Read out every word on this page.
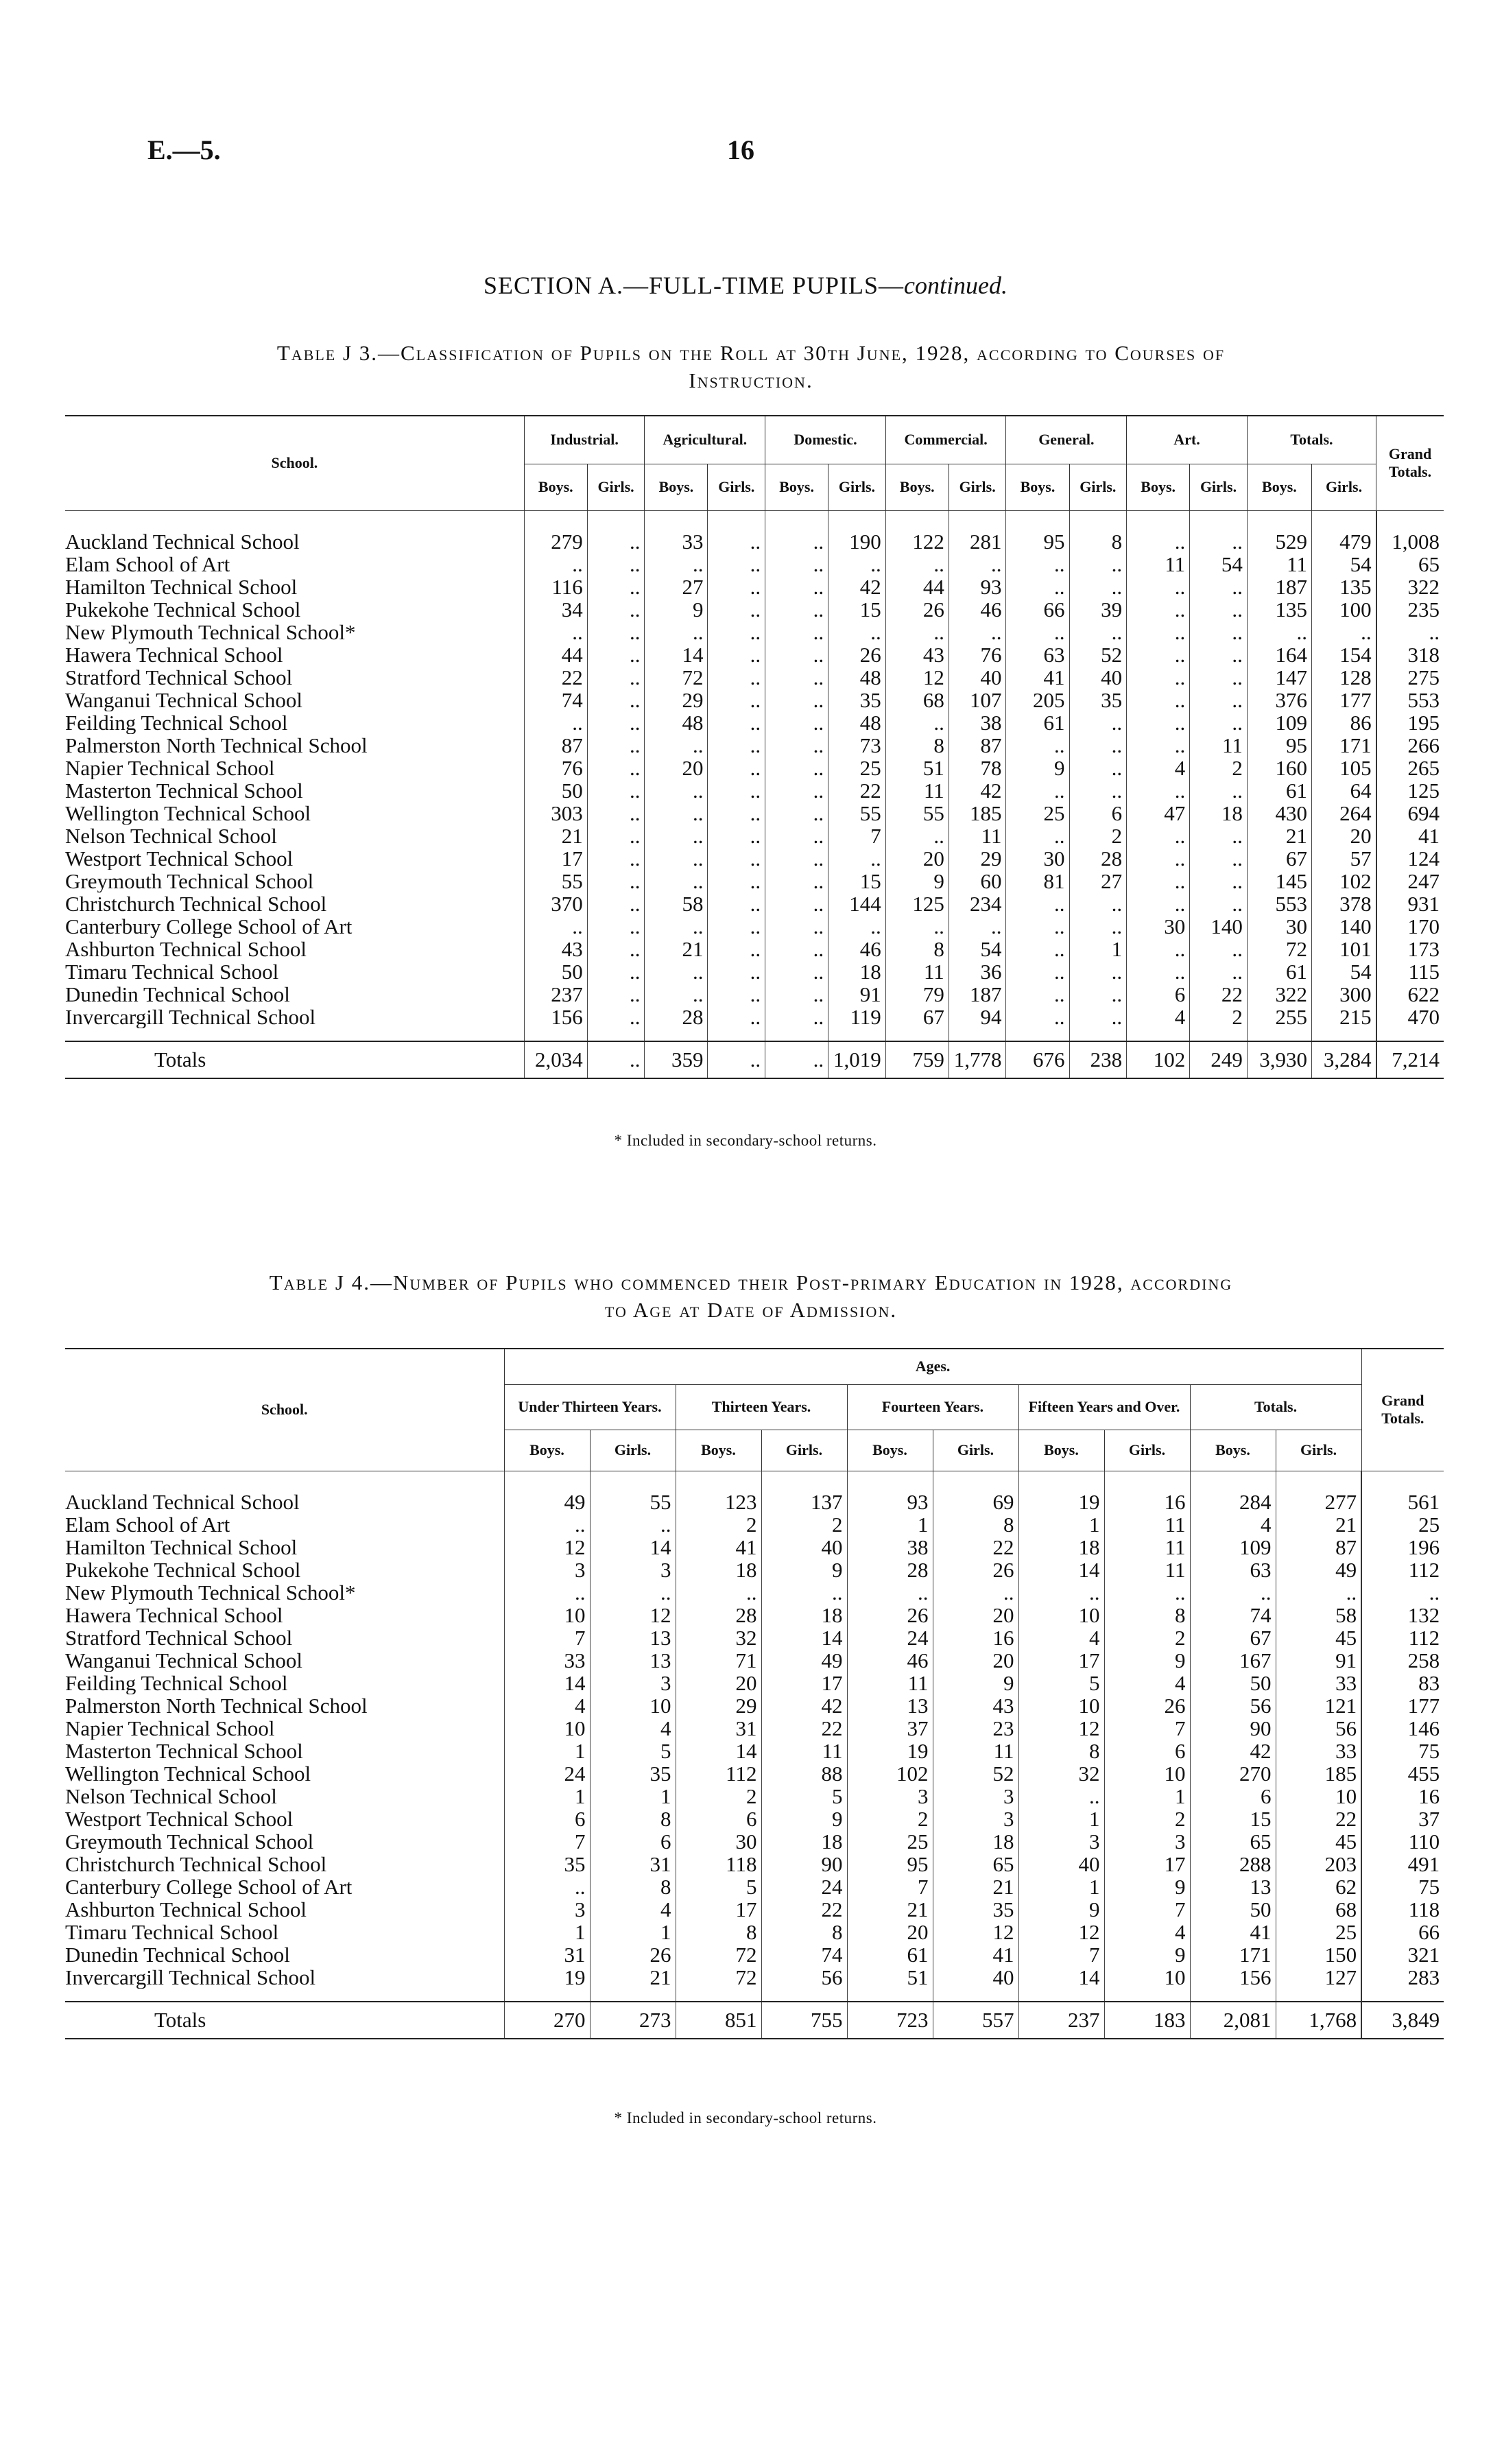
E.—5.	16
SECTION A.—FULL-TIME PUPILS—continued.
Table J 3.—Classification of Pupils on the Roll at 30th June, 1928, according to Courses of
Instruction.
School.	Industrial.		Agricultural.		Domestic.		Commercial.		General.		Art.		Totals.		Grand Totals.
	Boys.	Girls.	Boys.	Girls.	Boys.	Girls.	Boys.	Girls.	Boys.	Girls.	Boys.	Girls.	Boys.	Girls.	

Auckland Technical School	279	..	33	..	..	190	122	281	95	8	..	..	529	479	1,008
Elam School of Art	..	..	..	..	..	..	..	..	..	..	11	54	11	54	65
Hamilton Technical School	116	..	27	..	..	42	44	93	..	..	..	..	187	135	322
Pukekohe Technical School	34	..	9	..	..	15	26	46	66	39	..	..	135	100	235
New Plymouth Technical School*	..	..	..	..	..	..	..	..	..	..	..	..	..	..	..
Hawera Technical School	44	..	14	..	..	26	43	76	63	52	..	..	164	154	318
Stratford Technical School	22	..	72	..	..	48	12	40	41	40	..	..	147	128	275
Wanganui Technical School	74	..	29	..	..	35	68	107	205	35	..	..	376	177	553
Feilding Technical School	..	..	48	..	..	48	..	38	61	..	..	..	109	86	195
Palmerston North Technical School	87	..	..	..	..	73	8	87	..	..	..	11	95	171	266
Napier Technical School	76	..	20	..	..	25	51	78	9	..	4	2	160	105	265
Masterton Technical School	50	..	..	..	..	22	11	42	..	..	..	..	61	64	125
Wellington Technical School	303	..	..	..	..	55	55	185	25	6	47	18	430	264	694
Nelson Technical School	21	..	..	..	..	7	..	11	..	2	..	..	21	20	41
Westport Technical School	17	..	..	..	..	..	20	29	30	28	..	..	67	57	124
Greymouth Technical School	55	..	..	..	..	15	9	60	81	27	..	..	145	102	247
Christchurch Technical School	370	..	58	..	..	144	125	234	..	..	..	..	553	378	931
Canterbury College School of Art	..	..	..	..	..	..	..	..	..	..	30	140	30	140	170
Ashburton Technical School	43	..	21	..	..	46	8	54	..	1	..	..	72	101	173
Timaru Technical School	50	..	..	..	..	18	11	36	..	..	..	..	61	54	115
Dunedin Technical School	237	..	..	..	..	91	79	187	..	..	6	22	322	300	622
Invercargill Technical School	156	..	28	..	..	119	67	94	..	..	4	2	255	215	470

Totals	2,034	..	359	..	..	1,019	759	1,778	676	238	102	249	3,930	3,284	7,214
* Included in secondary-school returns.
Table J 4.—Number of Pupils who commenced their Post-primary Education in 1928, according
to Age at Date of Admission.
School.	Ages.										Grand Totals.
	Under Thirteen Years.		Thirteen Years.		Fourteen Years.		Fifteen Years and Over.		Totals.		
	Boys.	Girls.	Boys.	Girls.	Boys.	Girls.	Boys.	Girls.	Boys.	Girls.	

Auckland Technical School	49	55	123	137	93	69	19	16	284	277	561
Elam School of Art	..	..	2	2	1	8	1	11	4	21	25
Hamilton Technical School	12	14	41	40	38	22	18	11	109	87	196
Pukekohe Technical School	3	3	18	9	28	26	14	11	63	49	112
New Plymouth Technical School*	..	..	..	..	..	..	..	..	..	..	..
Hawera Technical School	10	12	28	18	26	20	10	8	74	58	132
Stratford Technical School	7	13	32	14	24	16	4	2	67	45	112
Wanganui Technical School	33	13	71	49	46	20	17	9	167	91	258
Feilding Technical School	14	3	20	17	11	9	5	4	50	33	83
Palmerston North Technical School	4	10	29	42	13	43	10	26	56	121	177
Napier Technical School	10	4	31	22	37	23	12	7	90	56	146
Masterton Technical School	1	5	14	11	19	11	8	6	42	33	75
Wellington Technical School	24	35	112	88	102	52	32	10	270	185	455
Nelson Technical School	1	1	2	5	3	3	..	1	6	10	16
Westport Technical School	6	8	6	9	2	3	1	2	15	22	37
Greymouth Technical School	7	6	30	18	25	18	3	3	65	45	110
Christchurch Technical School	35	31	118	90	95	65	40	17	288	203	491
Canterbury College School of Art	..	8	5	24	7	21	1	9	13	62	75
Ashburton Technical School	3	4	17	22	21	35	9	7	50	68	118
Timaru Technical School	1	1	8	8	20	12	12	4	41	25	66
Dunedin Technical School	31	26	72	74	61	41	7	9	171	150	321
Invercargill Technical School	19	21	72	56	51	40	14	10	156	127	283

Totals	270	273	851	755	723	557	237	183	2,081	1,768	3,849
* Included in secondary-school returns.
